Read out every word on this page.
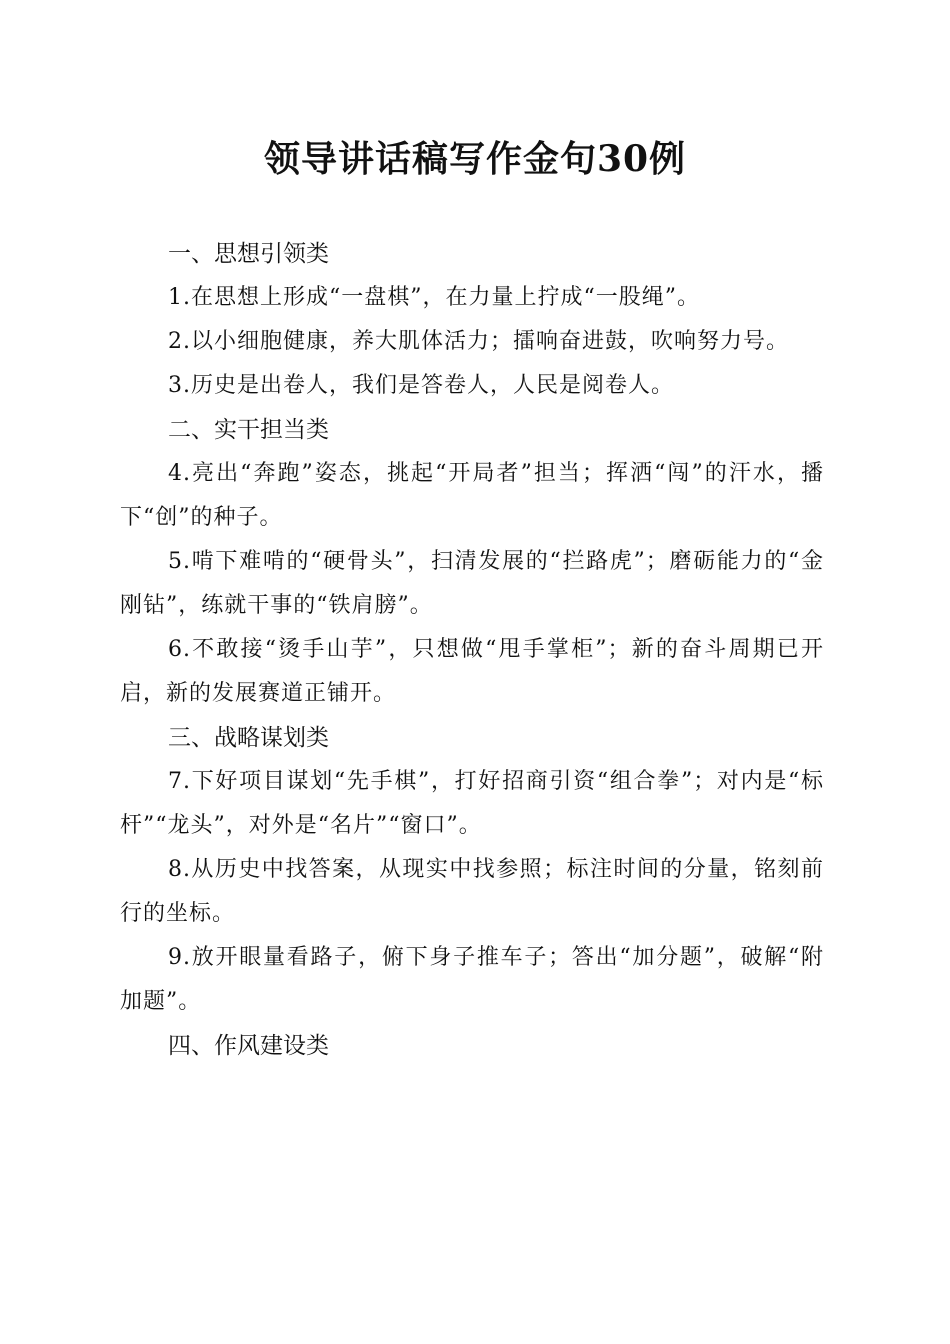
领导讲话稿写作金句30例

一、思想引领类

1.在思想上形成“一盘棋”，在力量上拧成“一股绳”。

2.以小细胞健康，养大肌体活力；擂响奋进鼓，吹响努力号。

3.历史是出卷人，我们是答卷人，人民是阅卷人。

二、实干担当类

4.亮出“奔跑”姿态，挑起“开局者”担当；挥洒“闯”的汗水，播下“创”的种子。

5.啃下难啃的“硬骨头”，扫清发展的“拦路虎”；磨砺能力的“金刚钻”，练就干事的“铁肩膀”。

6.不敢接“烫手山芋”，只想做“甩手掌柜”；新的奋斗周期已开启，新的发展赛道正铺开。

三、战略谋划类

7.下好项目谋划“先手棋”，打好招商引资“组合拳”；对内是“标杆”“龙头”，对外是“名片”“窗口”。

8.从历史中找答案，从现实中找参照；标注时间的分量，铭刻前行的坐标。

9.放开眼量看路子，俯下身子推车子；答出“加分题”，破解“附加题”。

四、作风建设类
